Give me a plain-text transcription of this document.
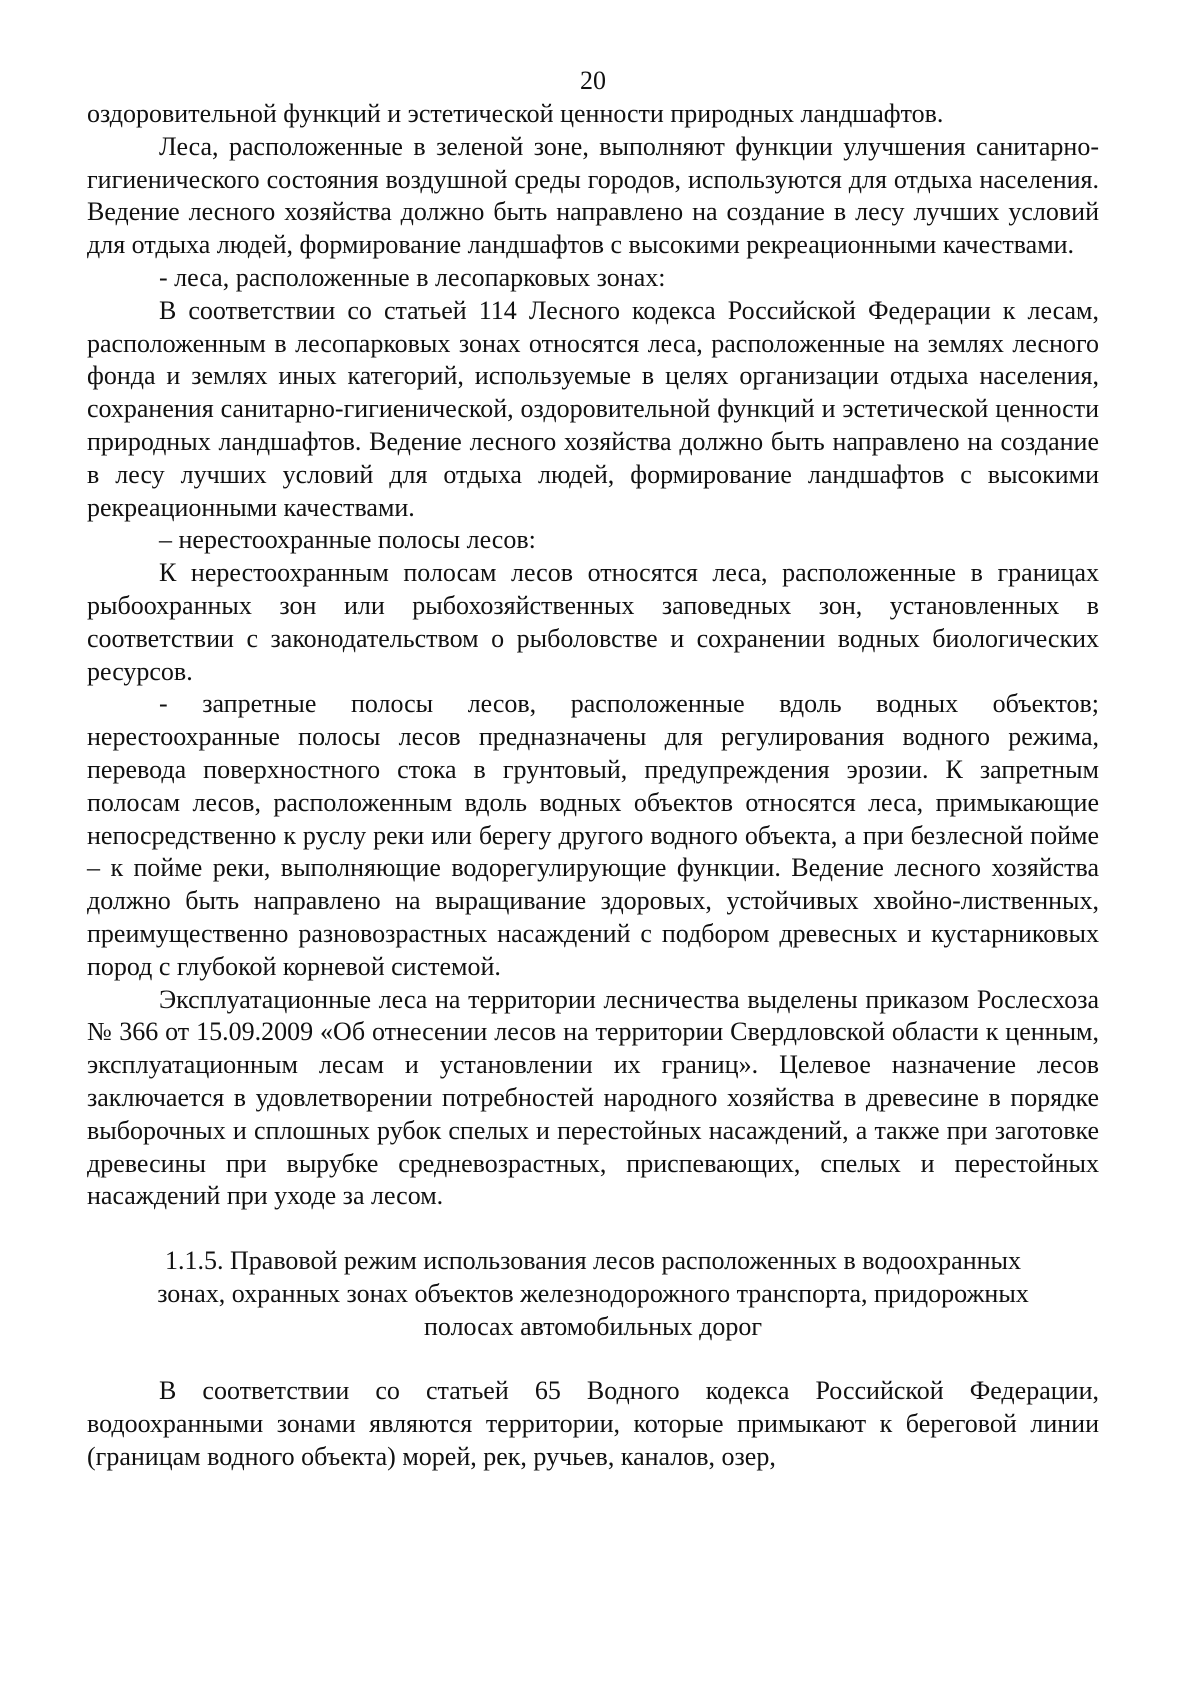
20

оздоровительной функций и эстетической ценности природных ландшафтов.

Леса, расположенные в зеленой зоне, выполняют функции улучшения санитарно-гигиенического состояния воздушной среды городов, используются для отдыха населения. Ведение лесного хозяйства должно быть направлено на создание в лесу лучших условий для отдыха людей, формирование ландшафтов с высокими рекреационными качествами.

- леса, расположенные в лесопарковых зонах:

В соответствии со статьей 114 Лесного кодекса Российской Федерации к лесам, расположенным в лесопарковых зонах относятся леса, расположенные на землях лесного фонда и землях иных категорий, используемые в целях организации отдыха населения, сохранения санитарно-гигиенической, оздоровительной функций и эстетической ценности природных ландшафтов. Ведение лесного хозяйства должно быть направлено на создание в лесу лучших условий для отдыха людей, формирование ландшафтов с высокими рекреационными качествами.

– нерестоохранные полосы лесов:

К нерестоохранным полосам лесов относятся леса, расположенные в границах рыбоохранных зон или рыбохозяйственных заповедных зон, установленных в соответствии с законодательством о рыболовстве и сохранении водных биологических ресурсов.

- запретные полосы лесов, расположенные вдоль водных объектов; нерестоохранные полосы лесов предназначены для регулирования водного режима, перевода поверхностного стока в грунтовый, предупреждения эрозии. К запретным полосам лесов, расположенным вдоль водных объектов относятся леса, примыкающие непосредственно к руслу реки или берегу другого водного объекта, а при безлесной пойме – к пойме реки, выполняющие водорегулирующие функции. Ведение лесного хозяйства должно быть направлено на выращивание здоровых, устойчивых хвойно-лиственных, преимущественно разновозрастных насаждений с подбором древесных и кустарниковых пород с глубокой корневой системой.

Эксплуатационные леса на территории лесничества выделены приказом Рослесхоза № 366 от 15.09.2009 «Об отнесении лесов на территории Свердловской области к ценным, эксплуатационным лесам и установлении их границ». Целевое назначение лесов заключается в удовлетворении потребностей народного хозяйства в древесине в порядке выборочных и сплошных рубок спелых и перестойных насаждений, а также при заготовке древесины при вырубке средневозрастных, приспевающих, спелых и перестойных насаждений при уходе за лесом.

1.1.5. Правовой режим использования лесов расположенных в водоохранных
зонах, охранных зонах объектов железнодорожного транспорта, придорожных
полосах автомобильных дорог

В соответствии со статьей 65 Водного кодекса Российской Федерации, водоохранными зонами являются территории, которые примыкают к береговой линии (границам водного объекта) морей, рек, ручьев, каналов, озер,
